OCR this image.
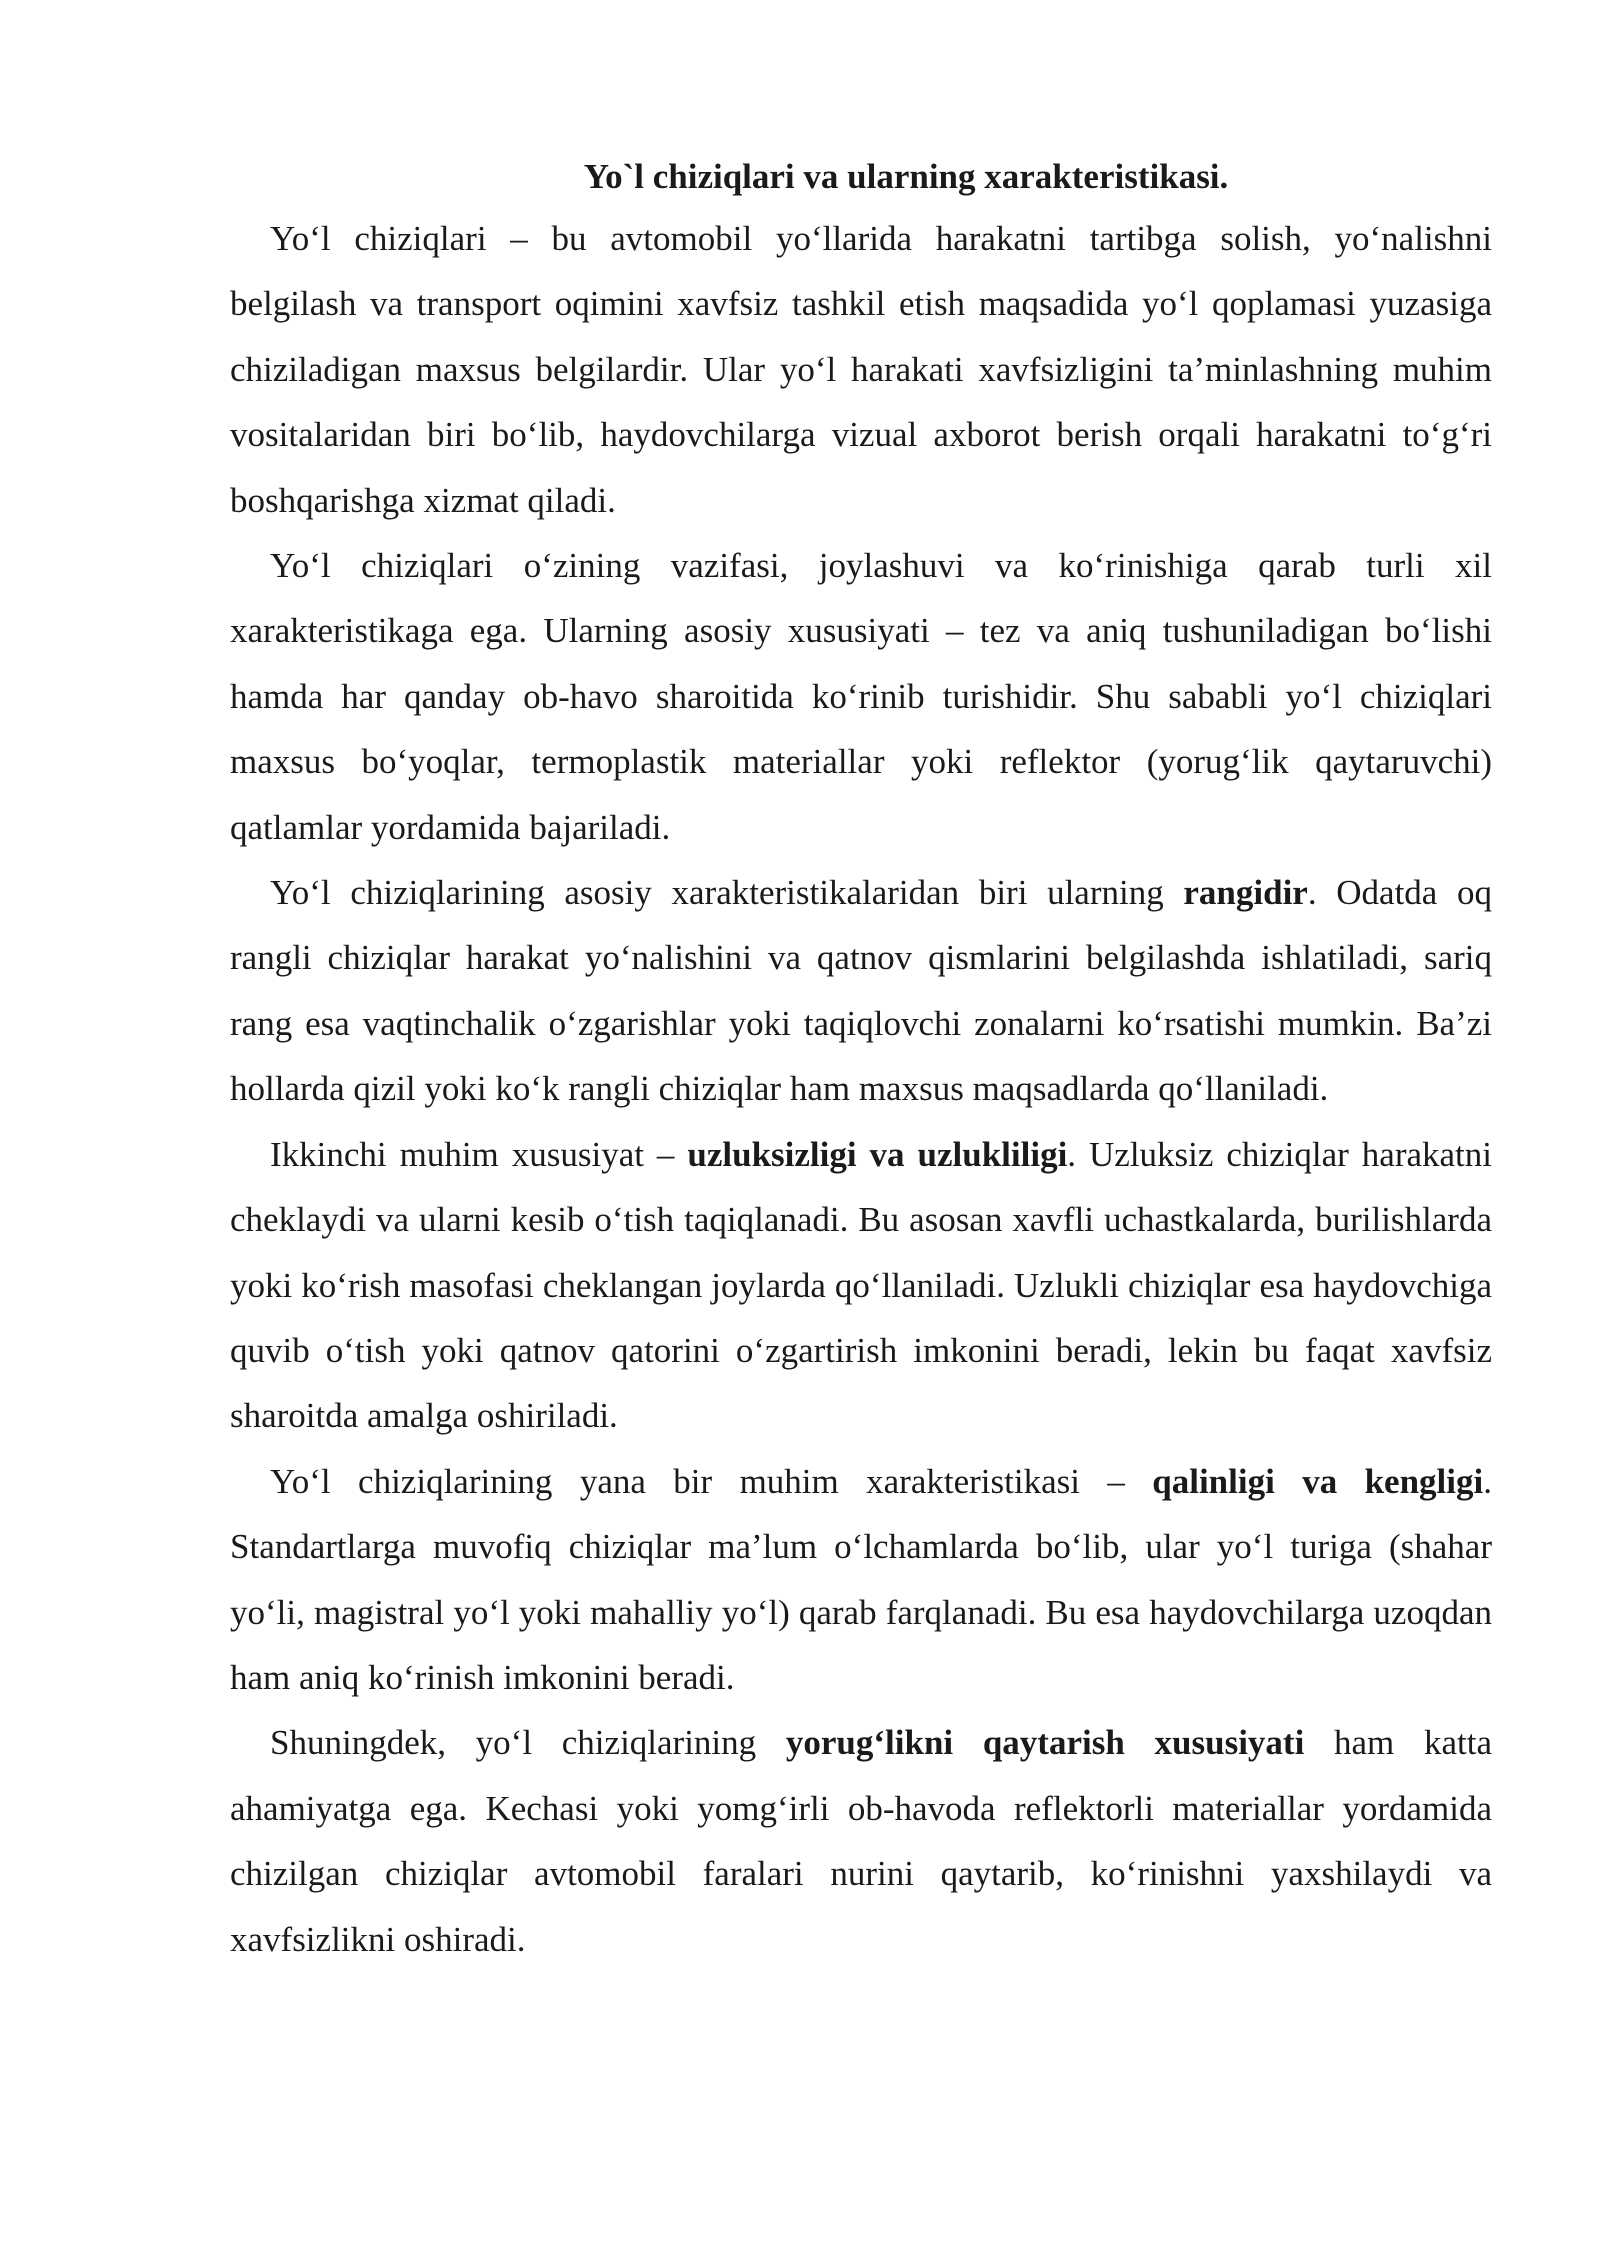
Yo`l chiziqlari va ularning xarakteristikasi.

Yo‘l chiziqlari – bu avtomobil yo‘llarida harakatni tartibga solish, yo‘nalishni belgilash va transport oqimini xavfsiz tashkil etish maqsadida yo‘l qoplamasi yuzasiga chiziladigan maxsus belgilardir. Ular yo‘l harakati xavfsizligini ta’minlashning muhim vositalaridan biri bo‘lib, haydovchilarga vizual axborot berish orqali harakatni to‘g‘ri boshqarishga xizmat qiladi.

Yo‘l chiziqlari o‘zining vazifasi, joylashuvi va ko‘rinishiga qarab turli xil xarakteristikaga ega. Ularning asosiy xususiyati – tez va aniq tushuniladigan bo‘lishi hamda har qanday ob-havo sharoitida ko‘rinib turishidir. Shu sababli yo‘l chiziqlari maxsus bo‘yoqlar, termoplastik materiallar yoki reflektor (yorug‘lik qaytaruvchi) qatlamlar yordamida bajariladi.

Yo‘l chiziqlarining asosiy xarakteristikalaridan biri ularning rangidir. Odatda oq rangli chiziqlar harakat yo‘nalishini va qatnov qismlarini belgilashda ishlatiladi, sariq rang esa vaqtinchalik o‘zgarishlar yoki taqiqlovchi zonalarni ko‘rsatishi mumkin. Ba’zi hollarda qizil yoki ko‘k rangli chiziqlar ham maxsus maqsadlarda qo‘llaniladi.

Ikkinchi muhim xususiyat – uzluksizligi va uzlukliligi. Uzluksiz chiziqlar harakatni cheklaydi va ularni kesib o‘tish taqiqlanadi. Bu asosan xavfli uchastkalarda, burilishlarda yoki ko‘rish masofasi cheklangan joylarda qo‘llaniladi. Uzlukli chiziqlar esa haydovchiga quvib o‘tish yoki qatnov qatorini o‘zgartirish imkonini beradi, lekin bu faqat xavfsiz sharoitda amalga oshiriladi.

Yo‘l chiziqlarining yana bir muhim xarakteristikasi – qalinligi va kengligi. Standartlarga muvofiq chiziqlar ma’lum o‘lchamlarda bo‘lib, ular yo‘l turiga (shahar yo‘li, magistral yo‘l yoki mahalliy yo‘l) qarab farqlanadi. Bu esa haydovchilarga uzoqdan ham aniq ko‘rinish imkonini beradi.

Shuningdek, yo‘l chiziqlarining yorug‘likni qaytarish xususiyati ham katta ahamiyatga ega. Kechasi yoki yomg‘irli ob-havoda reflektorli materiallar yordamida chizilgan chiziqlar avtomobil faralari nurini qaytarib, ko‘rinishni yaxshilaydi va xavfsizlikni oshiradi.
